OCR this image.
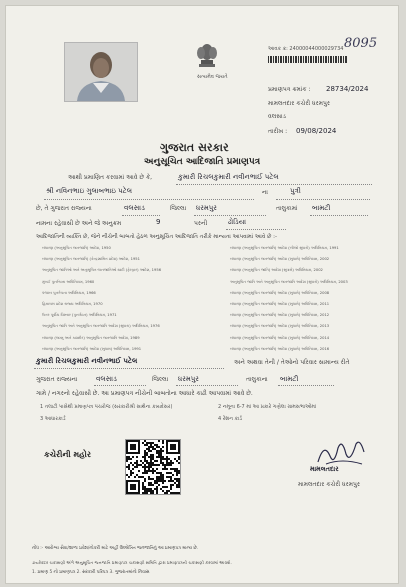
8095
સત્યમેવ જયતે
આવક ક્ર: 24000044000029734
પ્રમાણપત્ર ક્રમાંક : 28734/2024
મામલતદાર કચેરી ધરમપુર
વલસાડ
તારીખ : 09/08/2024
ગુજરાત સરકાર
અનુસૂચિત આદિજાતિ પ્રમાણપત્ર
આથી પ્રમાણિત કરવામાં આવે છે કે,	કુમારી રિચલકુમારી નવીનભાઈ પટેલ
શ્રી નવિનભાઇ ગુલાબભાઇ પટેલ	ના	પુત્રી
છે, તે ગુજરાત રાજ્યના	વલસાડ	જિલ્લા ધરમપુર	તાલુકામાં બામટી
નામના રહેવાસી છે અને જે અનુક્રમ	9	પરની	ઢોડિયા
આદિજાતિની વ્યક્તિ છે, જેને નીચેની બાબતો હેઠળ અનુસૂચિત આદિજાતિ તરીકે માન્યતા આપવામાં આવે છે :-
બંધારણ (અનુસૂચિત જનજાતિ) આદેશ, 1950
બંધારણ (અનુસૂચિત જનજાતિ) (કેન્દ્રશાસિત પ્રદેશ) આદેશ, 1951
અનુસૂચિત જાતિઓ અને અનુસૂચિત જનજાતિઓ યાદી (ફેરફાર) આદેશ, 1956
મુંબઈ પુનર્રચના અધિનિયમ, 1960
પંજાબ પુનર્રચના અધિનિયમ, 1966
હિમાચલ પ્રદેશ રાજ્ય અધિનિયમ, 1970
ઉત્તર પૂર્વીય વિસ્તાર (પુનર્ગઠન) અધિનિયમ, 1971
અનુસૂચિત જાતિ અને અનુસૂચિત જનજાતિ આદેશ (સુધારા) અધિનિયમ, 1976
બંધારણ (જમ્મુ અને કાશ્મીર) અનુસૂચિત જનજાતિ આદેશ, 1989
બંધારણ (અનુસૂચિત જનજાતિ) આદેશ (સુધારા) અધિનિયમ, 1991
બંધારણ (અનુસૂચિત જનજાતિ) આદેશ (બીજો સુધારો) અધિનિયમ, 1991
બંધારણ (અનુસૂચિત જનજાતિ) આદેશ (સુધારો) અધિનિયમ, 2002
બંધારણ (અનુસૂચિત જાતિ) આદેશ (સુધારો) અધિનિયમ, 2002
અનુસૂચિત જાતિ અને અનુસૂચિત જનજાતિ આદેશ (સુધારો) અધિનિયમ, 2003
બંધારણ (અનુસૂચિત જનજાતિ) આદેશ (સુધારો) અધિનિયમ, 2008
બંધારણ (અનુસૂચિત જનજાતિ) આદેશ (સુધારો) અધિનિયમ, 2011
બંધારણ (અનુસૂચિત જનજાતિ) આદેશ (સુધારો) અધિનિયમ, 2012
બંધારણ (અનુસૂચિત જનજાતિ) આદેશ (સુધારો) અધિનિયમ, 2013
બંધારણ (અનુસૂચિત જનજાતિ) આદેશ (સુધારો) અધિનિયમ, 2014
બંધારણ (અનુસૂચિત જનજાતિ) આદેશ (સુધારો) અધિનિયમ, 2016
કુમારી રિચલકુમારી નવીનભાઈ પટેલ	અને અથવા તેની / તેઓનો પરિવાર સામાન્ય રીતે
ગુજરાત રાજ્યના	વલસાડ	જિલ્લા ધરમપુર	તાલુકાના બામટી
ગામે / નગરનો રહેવાસી છે. આ પ્રમાણપત્ર નીચેની બાબતોના આધારે કાઢી આપવામાં આવે છે.
1 તલાટી પાસેથી પ્રમાણપત્ર પંચરોજ (સરકારીશ્રી સાથેના કાયદેસર)	2 નમૂના 6-7 માં આ પ્રકારે ગણેલા ગ્રામસભાઓમાં
3 આધારકાર્ડ	4 રેશન કાર્ડ
કચેરીની મહોર
મામલતદાર
મામલતદાર કચેરી ધરમપુર
નોંધ :- આરોગ્ય સેવા/શાળા પ્રવેશ/નોકરી માટે અહીં ઉલ્લેખિત જનજાતિનું આ પ્રમાણપત્ર માન્ય છે.
ડાયરેક્ટર ચકાસણી અંગે અનુસૂચિત જનજાતિ પ્રમાણપત્ર ચકાસણી સમિતિ દ્વારા પ્રમાણપત્રની ચકાસણી કરવામાં આવશે.
1. પ્રમાણ 5 નો પ્રમાણપત્ર 2. સરકારી પરિપત્ર 3. ગુજરાતમાંનો નિવાસ
